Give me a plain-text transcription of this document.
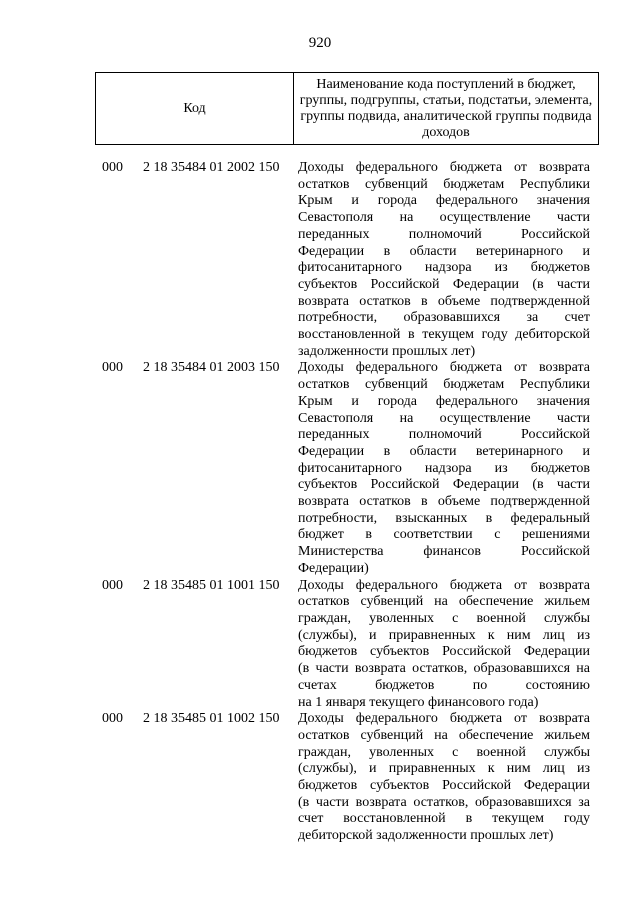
920
Код
Наименование кода поступлений в бюджет, группы, подгруппы, статьи, подстатьи, элемента, группы подвида, аналитической группы подвида доходов
000 2 18 35484 01 2002 150 Доходы федерального бюджета от возврата
остатков субвенций бюджетам Республики
Крым и города федерального значения
Севастополя на осуществление части
переданных полномочий Российской
Федерации в области ветеринарного и
фитосанитарного надзора из бюджетов
субъектов Российской Федерации (в части
возврата остатков в объеме подтвержденной
потребности, образовавшихся за счет
восстановленной в текущем году дебиторской
задолженности прошлых лет)
000 2 18 35484 01 2003 150 Доходы федерального бюджета от возврата
остатков субвенций бюджетам Республики
Крым и города федерального значения
Севастополя на осуществление части
переданных полномочий Российской
Федерации в области ветеринарного и
фитосанитарного надзора из бюджетов
субъектов Российской Федерации (в части
возврата остатков в объеме подтвержденной
потребности, взысканных в федеральный
бюджет в соответствии с решениями
Министерства финансов Российской
Федерации)
000 2 18 35485 01 1001 150 Доходы федерального бюджета от возврата
остатков субвенций на обеспечение жильем
граждан, уволенных с военной службы
(службы), и приравненных к ним лиц из
бюджетов субъектов Российской Федерации
(в части возврата остатков, образовавшихся на
счетах бюджетов по состоянию
на 1 января текущего финансового года)
000 2 18 35485 01 1002 150 Доходы федерального бюджета от возврата
остатков субвенций на обеспечение жильем
граждан, уволенных с военной службы
(службы), и приравненных к ним лиц из
бюджетов субъектов Российской Федерации
(в части возврата остатков, образовавшихся за
счет восстановленной в текущем году
дебиторской задолженности прошлых лет)
